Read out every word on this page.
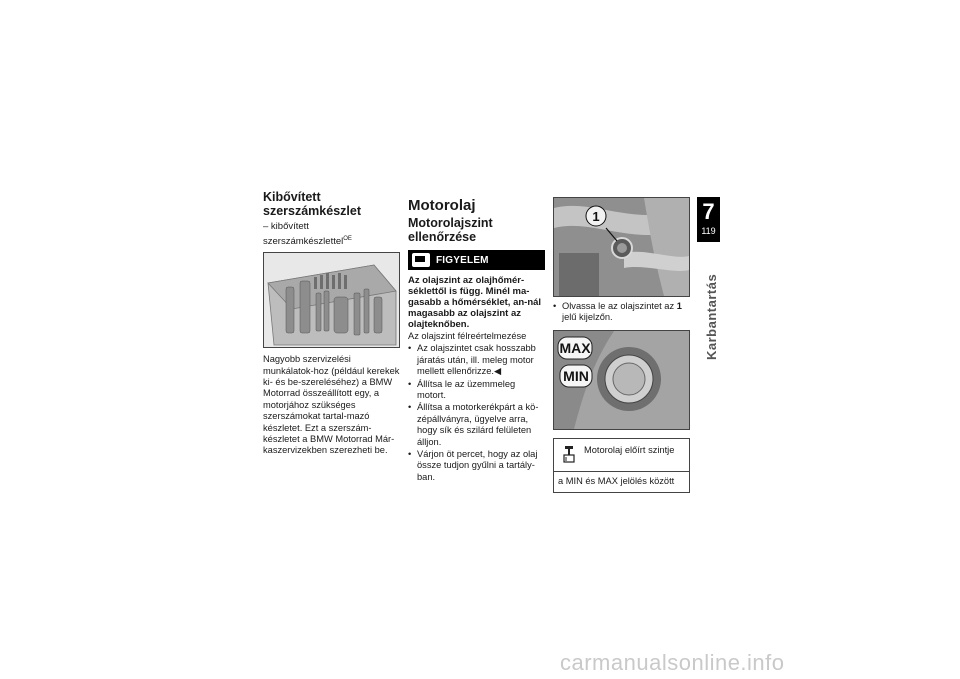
Kibővített szerszámkészlet

– kibővített szerszámkészlettel$^{OE}$

Nagyobb szervizelési munkálatok-hoz (például kerekek ki- és be-szereléséhez) a BMW Motorrad összeállított egy, a motorjához szükséges szerszámokat tartal-mazó készletet. Ezt a szerszám-készletet a BMW Motorrad Már-kaszervizekben szerezheti be.

Motorolaj

Motorolajszint ellenőrzése

FIGYELEM

Az olajszint az olajhőmér-séklettől is függ. Minél ma-gasabb a hőmérséklet, an-nál magasabb az olajszint az olajteknőben.

Az olajszint félreértelmezése

• Az olajszintet csak hosszabb járatás után, ill. meleg motor mellett ellenőrizze.◀
• Állítsa le az üzemmeleg motort.
• Állítsa a motorkerékpárt a kö-zépállványra, ügyelve arra, hogy sík és szilárd felületen álljon.
• Várjon öt percet, hogy az olaj össze tudjon gyűlni a tartály-ban.
1
• Olvassa le az olajszintet az 1 jelű kijelzőn.
MAX
MIN
Motorolaj előírt szintje
a MIN és MAX jelölés között
7
119
Karbantartás
carmanualsonline.info
